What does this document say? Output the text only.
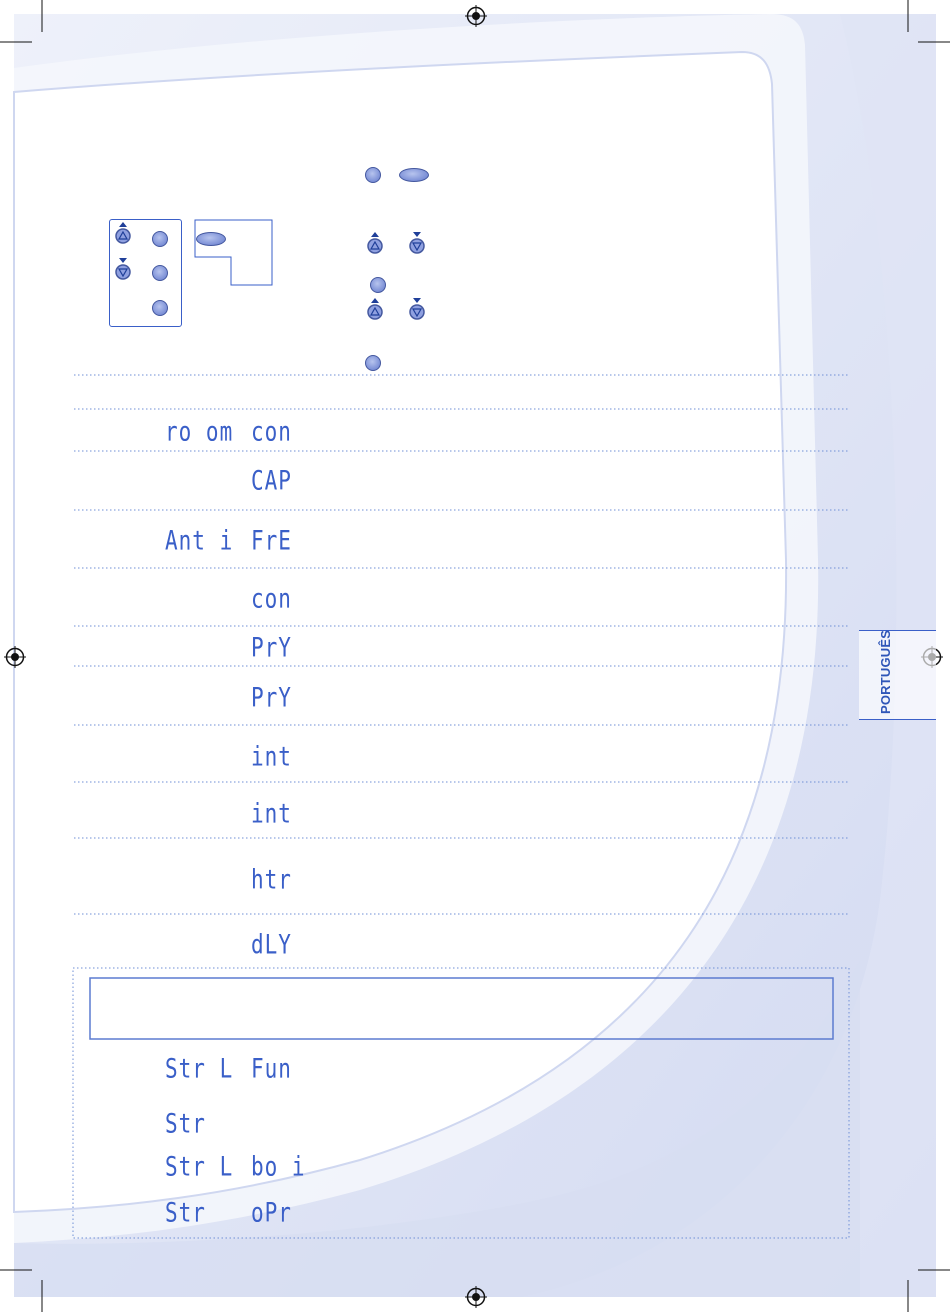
ro om con
CAP
Ant i FrE
con
PrY
PrY
int
int
htr
dLY
Str L Fun
Str
Str L bo i
Str oPr
PORTUGUÊS
